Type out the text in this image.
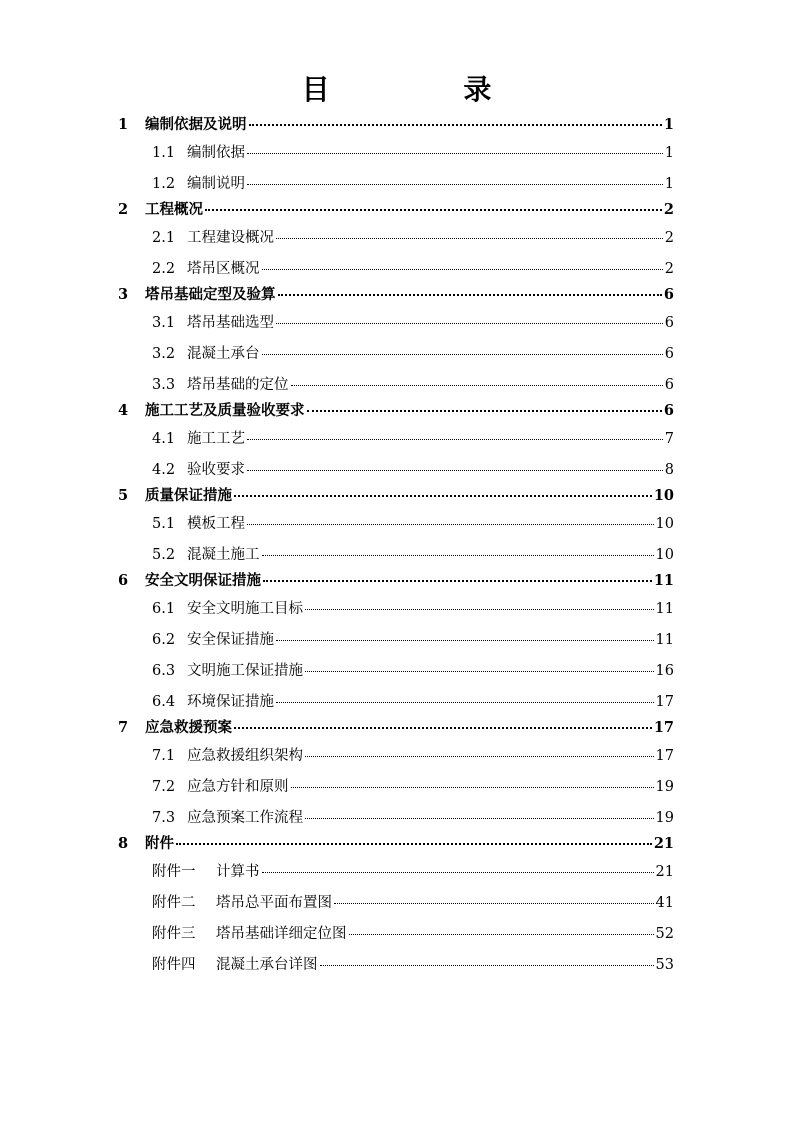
目 录
1	编制依据及说明	1
1.1 编制依据	1
1.2 编制说明	1
2	工程概况	2
2.1 工程建设概况	2
2.2 塔吊区概况	2
3	塔吊基础定型及验算	6
3.1 塔吊基础选型	6
3.2 混凝土承台	6
3.3 塔吊基础的定位	6
4	施工工艺及质量验收要求	6
4.1 施工工艺	7
4.2 验收要求	8
5	质量保证措施	10
5.1 模板工程	10
5.2 混凝土施工	10
6	安全文明保证措施	11
6.1 安全文明施工目标	11
6.2 安全保证措施	11
6.3 文明施工保证措施	16
6.4 环境保证措施	17
7	应急救援预案	17
7.1 应急救援组织架构	17
7.2 应急方针和原则	19
7.3 应急预案工作流程	19
8	附件	21
附件一	计算书	21
附件二	塔吊总平面布置图	41
附件三	塔吊基础详细定位图	52
附件四	混凝土承台详图	53
